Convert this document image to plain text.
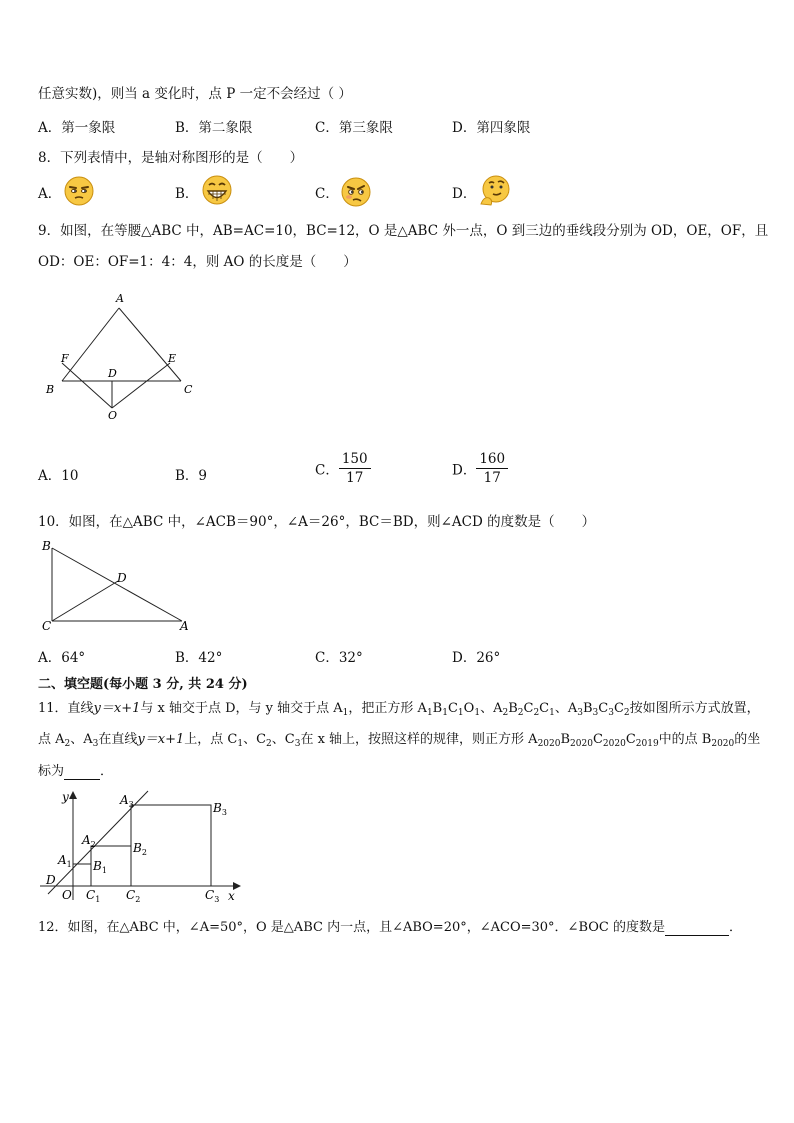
任意实数)，则当 a 变化时，点 P 一定不会经过（ ）
A．第一象限	B．第二象限	C．第三象限	D．第四象限
8．下列表情中，是轴对称图形的是（　　）
A．	B．	C．	D．
9．如图，在等腰△ABC 中，AB=AC=10，BC=12，O 是△ABC 外一点，O 到三边的垂线段分别为 OD，OE，OF，且
OD：OE：OF=1：4：4，则 AO 的长度是（　　）
A
B	C
D
E
F
O
A．10	B．9	C． $\frac{150}{17}$	D． $\frac{160}{17}$
10．如图，在△ABC 中，∠ACB＝90°，∠A＝26°，BC＝BD，则∠ACD 的度数是（　　）
B
C	A
D
A．64°	B．42°	C．32°	D．26°
二、填空题(每小题 3 分, 共 24 分)
11．直线y＝x+1与 x 轴交于点 D，与 y 轴交于点 $A_1$，把正方形 $A_1B_1C_1O_1$、$A_2B_2C_2C_1$、$A_3B_3C_3C_2$按如图所示方式放置，
点 $A_2$、$A_3$在直线y＝x+1上，点 $C_1$、$C_2$、$C_3$在 x 轴上，按照这样的规律，则正方形 $A_{2020}B_{2020}C_{2020}C_{2019}$中的点 $B_{2020}$的坐
标为	．
y
x
O
D
$A_1$
$A_2$
$A_3$
$B_1$
$B_2$
$B_3$
$C_1$ $C_2$	$C_3$
12．如图，在△ABC 中，∠A=50°，O 是△ABC 内一点，且∠ABO=20°，∠ACO=30°．∠BOC 的度数是	．
